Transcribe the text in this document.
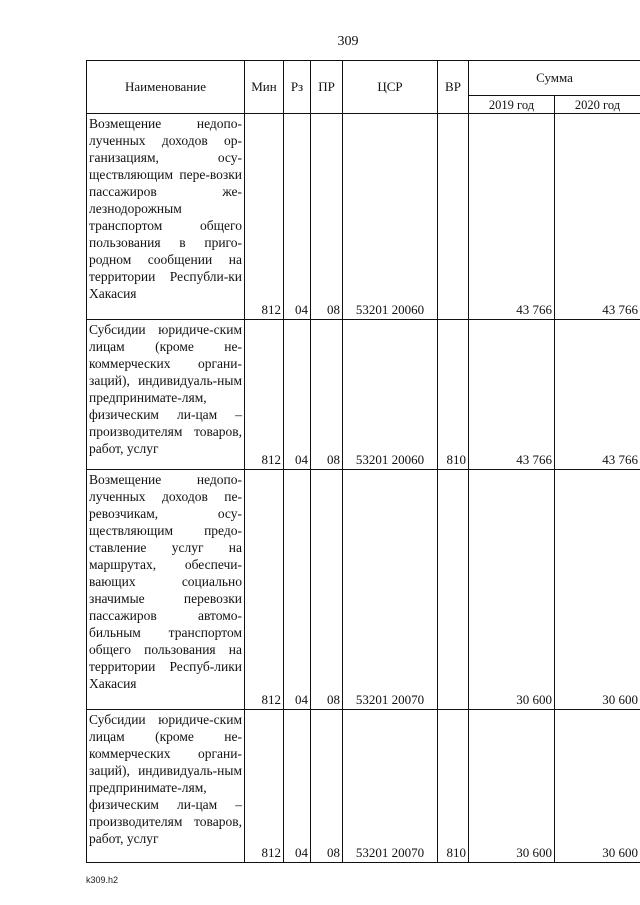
309
Наименование	Мин	Рз	ПР	ЦСР	ВР	Сумма	
						2019 год	2020 год
Возмещение недопо-лученных доходов ор-ганизациям, осу-ществляющим пере-возки пассажиров же-лезнодорожным транспортом общего пользования в приго-родном сообщении на территории Республи-ки Хакасия	812	04	08	53201 20060		43 766	43 766
Субсидии юридиче-ским лицам (кроме не-коммерческих органи-заций), индивидуаль-ным предпринимате-лям, физическим ли-цам – производителям товаров, работ, услуг	812	04	08	53201 20060	810	43 766	43 766
Возмещение недопо-лученных доходов пе-ревозчикам, осу-ществляющим предо-ставление услуг на маршрутах, обеспечи-вающих социально значимые перевозки пассажиров автомо-бильным транспортом общего пользования на территории Респуб-лики Хакасия	812	04	08	53201 20070		30 600	30 600
Субсидии юридиче-ским лицам (кроме не-коммерческих органи-заций), индивидуаль-ным предпринимате-лям, физическим ли-цам – производителям товаров, работ, услуг	812	04	08	53201 20070	810	30 600	30 600
k309.h2
